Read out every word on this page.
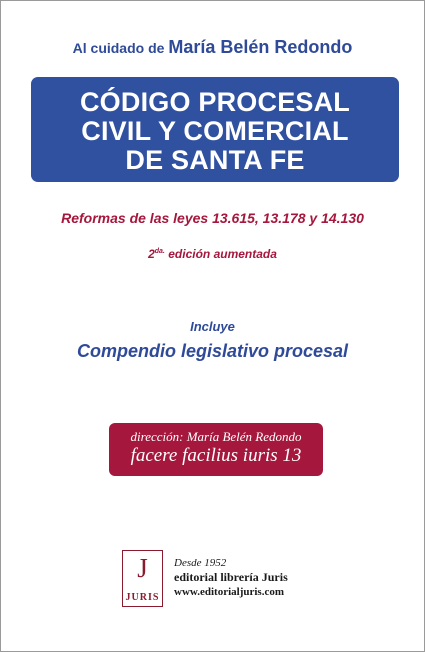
Al cuidado de María Belén Redondo
CÓDIGO PROCESAL
CIVIL Y COMERCIAL
DE SANTA FE
Reformas de las leyes 13.615, 13.178 y 14.130
$2^{da.}$ edición aumentada
Incluye
Compendio legislativo procesal
dirección: María Belén Redondo
facere facilius iuris 13
J
JURIS
Desde 1952
editorial librería Juris
www.editorialjuris.com
